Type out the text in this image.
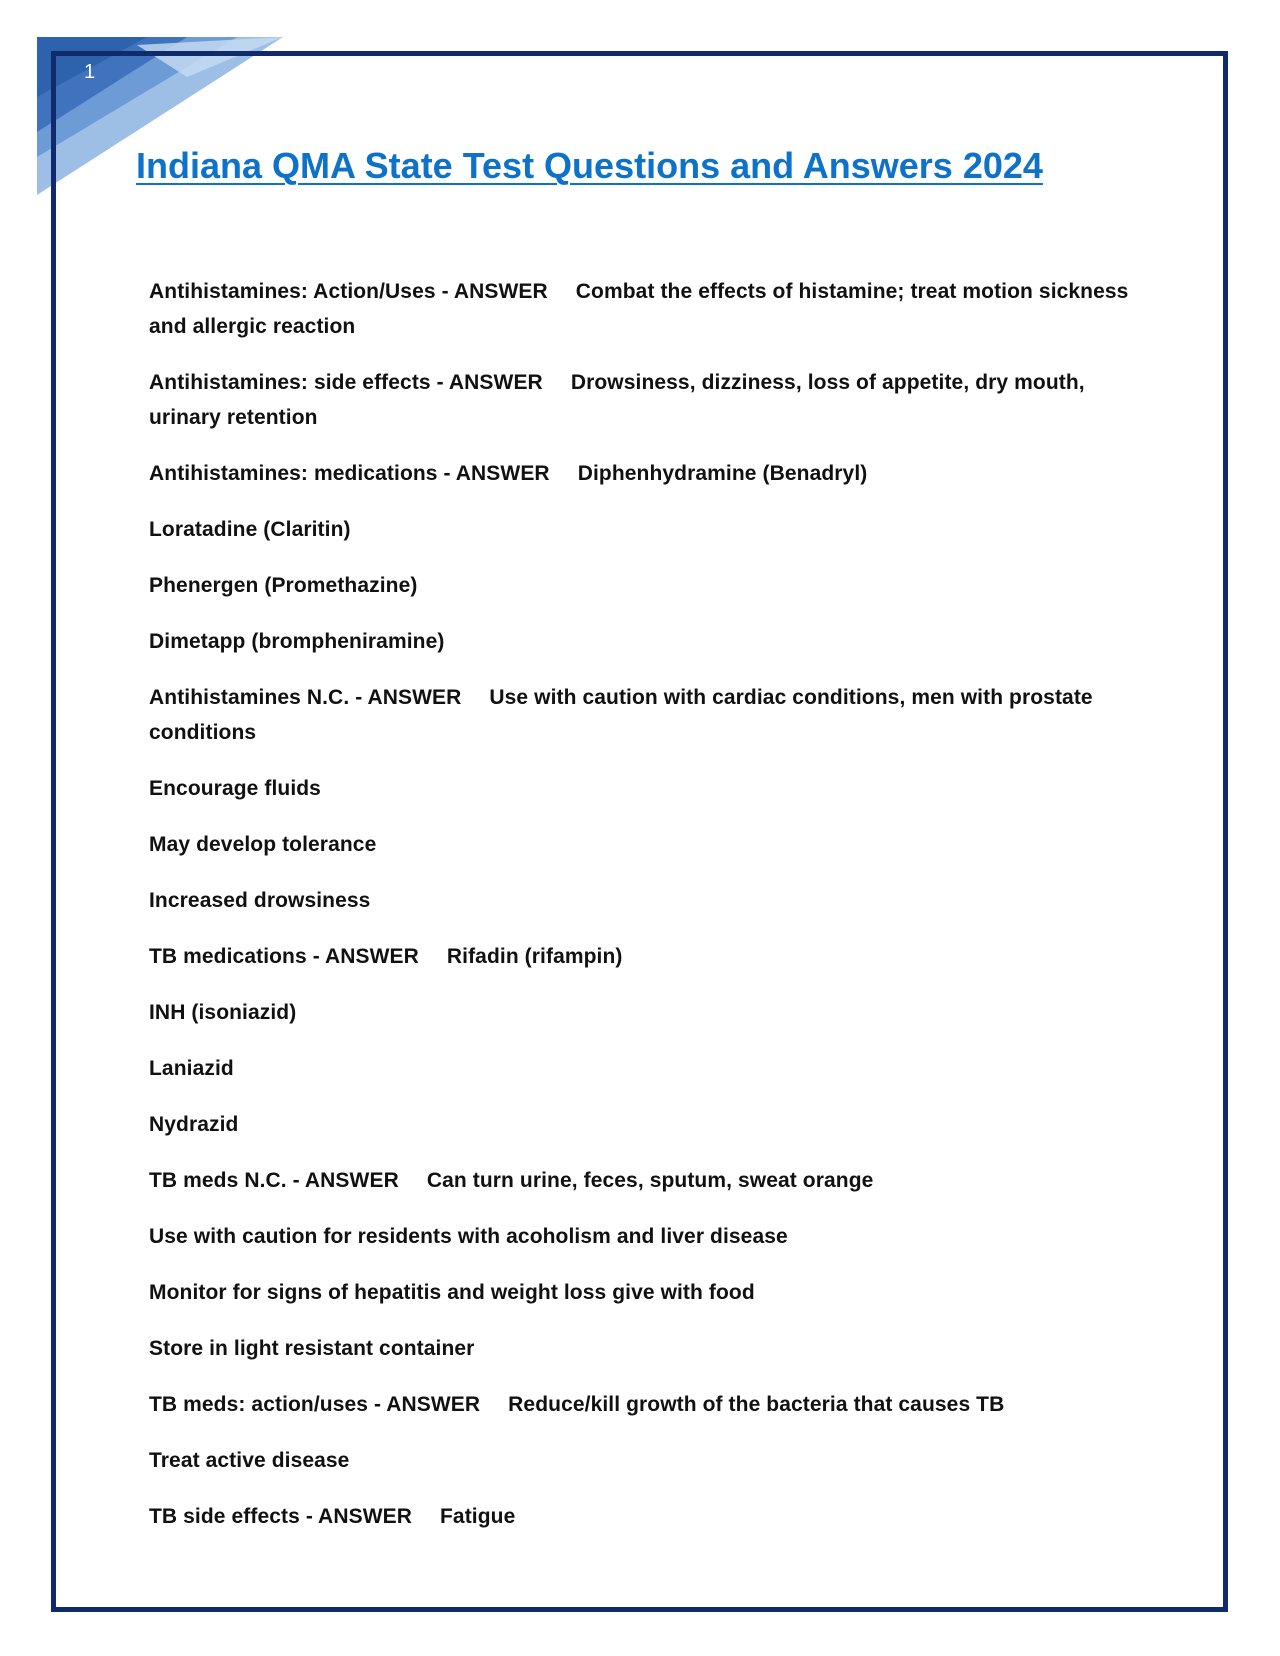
1
Indiana QMA State Test Questions and Answers 2024

Antihistamines: Action/Uses - ANSWER Combat the effects of histamine; treat motion sickness and allergic reaction

Antihistamines: side effects - ANSWER Drowsiness, dizziness, loss of appetite, dry mouth, urinary retention

Antihistamines: medications - ANSWER Diphenhydramine (Benadryl)

Loratadine (Claritin)

Phenergen (Promethazine)

Dimetapp (brompheniramine)

Antihistamines N.C. - ANSWER Use with caution with cardiac conditions, men with prostate conditions

Encourage fluids

May develop tolerance

Increased drowsiness

TB medications - ANSWER Rifadin (rifampin)

INH (isoniazid)

Laniazid

Nydrazid

TB meds N.C. - ANSWER Can turn urine, feces, sputum, sweat orange

Use with caution for residents with acoholism and liver disease

Monitor for signs of hepatitis and weight loss give with food

Store in light resistant container

TB meds: action/uses - ANSWER Reduce/kill growth of the bacteria that causes TB

Treat active disease

TB side effects - ANSWER Fatigue
